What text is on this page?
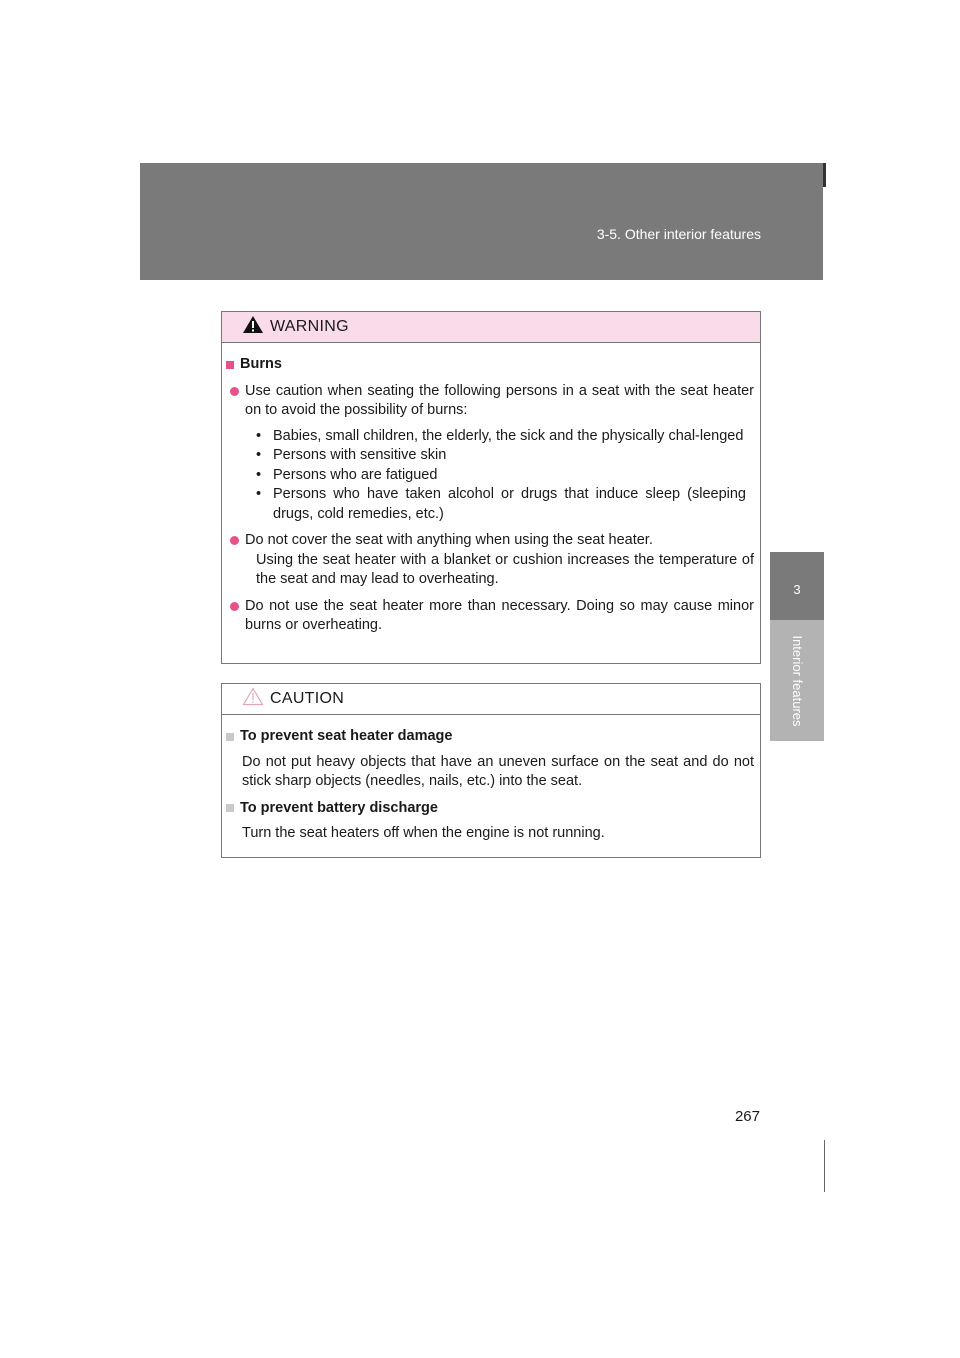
3-5. Other interior features
3
Interior features
WARNING
Burns
Use caution when seating the following persons in a seat with the seat heater on to avoid the possibility of burns:
• Babies, small children, the elderly, the sick and the physically chal-lenged
• Persons with sensitive skin
• Persons who are fatigued
• Persons who have taken alcohol or drugs that induce sleep (sleeping drugs, cold remedies, etc.)
Do not cover the seat with anything when using the seat heater.
Using the seat heater with a blanket or cushion increases the temperature of the seat and may lead to overheating.
Do not use the seat heater more than necessary. Doing so may cause minor burns or overheating.
CAUTION
To prevent seat heater damage
Do not put heavy objects that have an uneven surface on the seat and do not stick sharp objects (needles, nails, etc.) into the seat.
To prevent battery discharge
Turn the seat heaters off when the engine is not running.
267
